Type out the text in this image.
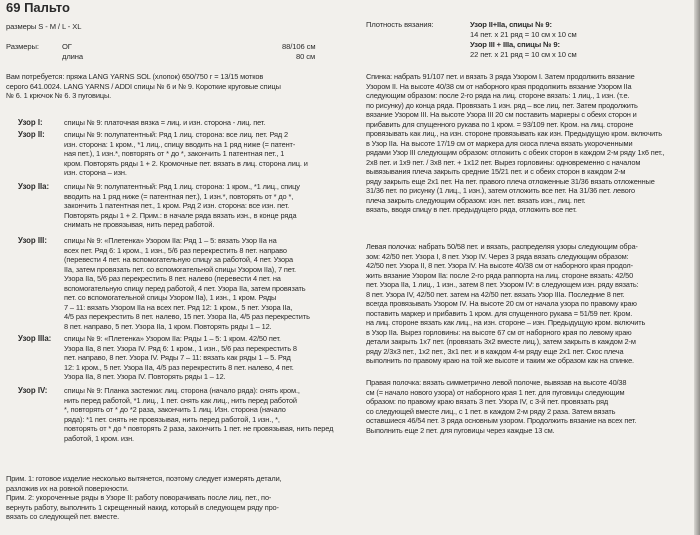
69 Пальто
размеры S - M / L - XL
Размеры:	ОГ	88/106 см
длина	80 см
Вам потребуется: пряжа LANG YARNS SOL (хлопок) 650/750 г = 13/15 мотков
серого 641.0024. LANG YARNS / ADDI спицы № 6 и № 9. Короткие круговые спицы
№ 6. 1 крючок № 6. 3 пуговицы.
Узор I:	спицы № 9: платочная вязка = лиц. и изн. сторона - лиц. пет.
Узор II:	спицы № 9: полупатентный: Ряд 1 лиц. сторона: все лиц. пет. Ряд 2
изн. сторона: 1 кром., *1 лиц., спицу вводить на 1 ряд ниже (= патент-
ная пет.), 1 изн.*, повторять от * до *, закончить 1 патентная пет., 1
кром. Повторять ряды 1 + 2. Кромочные пет. вязать в лиц. сторона лиц. и
изн. сторона – изн.
Узор IIa: спицы № 9: полупатентный: Ряд 1 лиц. сторона: 1 кром., *1 лиц., спицу
вводить на 1 ряд ниже (= патентная пет.), 1 изн.*, повторять от * до *,
закончить 1 патентная пет., 1 кром. Ряд 2 изн. сторона: все изн. пет.
Повторять ряды 1 + 2. Прим.: в начале ряда вязать изн., в конце ряда
снимать не провязывая, нить перед работой.
Узор III: спицы № 9: «Плетенка» Узором IIa: Ряд 1 – 5: вязать Узор IIa на
всех пет. Ряд 6: 1 кром., 1 изн., 5/6 раз перекрестить 8 пет. направо
(перевести 4 пет. на вспомогательную спицу за работой, 4 пет. Узора
IIa, затем провязать пет. со вспомогательной спицы Узором IIa), 7 пет.
Узора IIa, 5/6 раз перекрестить 8 пет. налево (перевести 4 пет. на
вспомогательную спицу перед работой, 4 пет. Узора IIa, затем провязать
пет. со вспомогательной спицы Узором IIa), 1 изн., 1 кром. Ряды
7 – 11: вязать Узором IIa на всех пет. Ряд 12: 1 кром., 5 пет. Узора IIa,
4/5 раз перекрестить 8 пет. налево, 15 пет. Узора IIa, 4/5 раз перекрестить
8 пет. направо, 5 пет. Узора IIa, 1 кром. Повторять ряды 1 – 12.
Узор IIIa: спицы № 9: «Плетенка» Узором IIa: Ряды 1 – 5: 1 кром. 42/50 пет.
Узора IIa, 8 пет. Узора IV. Ряд 6: 1 кром., 1 изн., 5/6 раз перекрестить 8
пет. направо, 8 пет. Узора IV. Ряды 7 – 11: вязать как ряды 1 – 5. Ряд
12: 1 кром., 5 пет. Узора IIa, 4/5 раз перекрестить 8 пет. налево, 4 пет.
Узора IIa, 8 пет. Узора IV. Повторять ряды 1 – 12.
Узор IV: спицы № 9: Планка застежки: лиц. сторона (начало ряда): снять кром.,
нить перед работой, *1 лиц., 1 пет. снять как лиц., нить перед работой
*, повторять от * до *2 раза, закончить 1 лиц. Изн. сторона (начало
ряда): *1 пет. снять не провязывая, нить перед работой, 1 изн., *,
повторять от * до * повторять 2 раза, закончить 1 пет. не провязывая, нить перед работой, 1 кром. изн.
Прим. 1: готовое изделие несколько вытянется, поэтому следует измерять детали,
разложив их на ровной поверхности.
Прим. 2: укороченные ряды в Узоре II: работу поворачивать после лиц. пет., по-
вернуть работу, выполнить 1 скрещенный накид, который в следующем ряду про-
вязать со следующей пет. вместе.
Плотность вязания:	Узор II+IIa, спицы № 9:
14 пет. x 21 ряд = 10 см x 10 см
Узор III + IIIa, спицы № 9:
22 пет. x 21 ряд = 10 см x 10 см
Спинка: набрать 91/107 пет. и вязать 3 ряда Узором I. Затем продолжить вязание
Узором II. На высоте 40/38 см от наборного края продолжить вязание Узором IIa
следующим образом: после 2-го ряда на лиц. стороне вязать: 1 лиц., 1 изн. (т.е.
по рисунку) до конца ряда. Провязать 1 изн. ряд – все лиц. пет. Затем продолжить
вязание Узором III. На высоте Узора III 20 см поставить маркеры с обеих сторон и
прибавить для спущенного рукава по 1 кром. = 93/109 пет. Кром. на лиц. стороне
провязывать как лиц., на изн. стороне провязывать как изн. Предыдущую кром. включить
в Узор IIa. На высоте 17/19 см от маркера для скоса плеча вязать укороченными
рядами Узор III следующим образом: отложить с обеих сторон в каждом 2-м ряду 1х6 пет.,
2х8 пет. и 1х9 пет. / 3х8 пет. + 1х12 пет. Вырез горловины: одновременно с началом
вывязывания плеча закрыть средние 15/21 пет. и с обеих сторон в каждом 2-м
ряду закрыть еще 2х1 пет. На пет. правого плеча отложенные 31/36 вязать отложенные
31/36 пет. по рисунку (1 лиц., 1 изн.), затем отложить все пет. На 31/36 пет. левого
плеча закрыть следующим образом: изн. пет. вязать изн., лиц. пет.
вязать, вводя спицу в пет. предыдущего ряда, отложить все пет.
Левая полочка: набрать 50/58 пет. и вязать, распределяя узоры следующим обра-
зом: 42/50 пет. Узора I, 8 пет. Узор IV. Через 3 ряда вязать следующим образом:
42/50 пет. Узора II, 8 пет. Узора IV. На высоте 40/38 см от наборного края продол-
жить вязание Узором IIa: после 2-го ряда раппорта на лиц. стороне вязать: 42/50
пет. Узора IIa, 1 лиц., 1 изн., затем 8 пет. Узором IV: в следующем изн. ряду вязать:
8 пет. Узора IV, 42/50 пет. затем на 42/50 пет. вязать Узор IIIa. Последние 8 пет.
всегда провязывать Узором IV. На высоте 20 см от начала узора по правому краю
поставить маркер и прибавить 1 кром. для спущенного рукава = 51/59 пет. Кром.
на лиц. стороне вязать как лиц., на изн. стороне – изн. Предыдущую кром. включить
в Узор IIa. Вырез горловины: на высоте 67 см от наборного края по левому краю
детали закрыть 1х7 пет. (провязать 3х2 вместе лиц.), затем закрыть в каждом 2-м
ряду 2/3х3 пет., 1х2 пет., 3х1 пет. и в каждом 4-м ряду еще 2х1 пет. Скос плеча
выполнить по правому краю на той же высоте и таким же образом как на спинке.
Правая полочка: вязать симметрично левой полочке, вывязав на высоте 40/38
см (= начало нового узора) от наборного края 1 пет. для пуговицы следующим
образом: по правому краю вязать 3 пет. Узора IV, с 3-й пет. провязать ряд
со следующей вместе лиц., с 1 пет. в каждом 2-м ряду 2 раза. Затем вязать
оставшиеся 46/54 пет. 3 ряда основным узором. Продолжить вязание на всех пет.
Выполнить еще 2 пет. для пуговицы через каждые 13 см.
